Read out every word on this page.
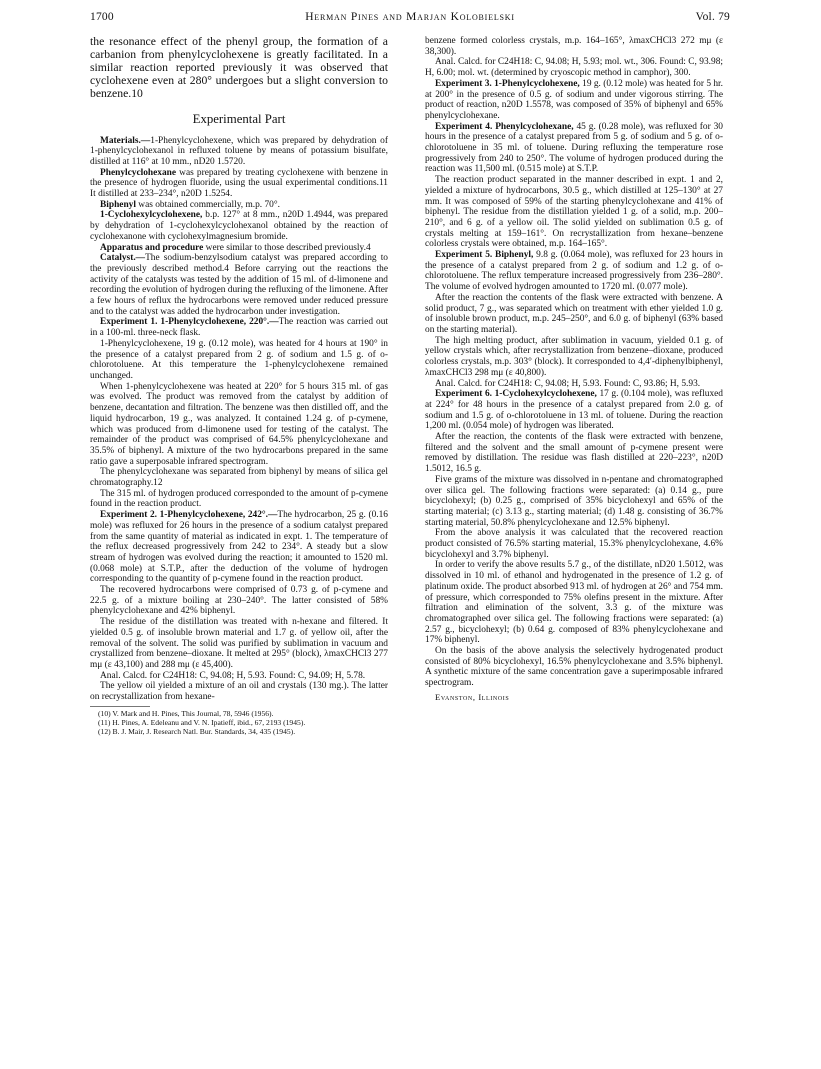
1700	Herman Pines and Marjan Kolobielski	Vol. 79

the resonance effect of the phenyl group, the formation of a carbanion from phenylcyclohexene is greatly facilitated. In a similar reaction reported previously it was observed that cyclohexene even at 280° undergoes but a slight conversion to benzene.10

Experimental Part

Materials.—1-Phenylcyclohexene, which was prepared by dehydration of 1-phenylcyclohexanol in refluxed toluene by means of potassium bisulfate, distilled at 116° at 10 mm., nD20 1.5720.

Phenylcyclohexane was prepared by treating cyclohexene with benzene in the presence of hydrogen fluoride, using the usual experimental conditions.11 It distilled at 233–234°, n20D 1.5254.

Biphenyl was obtained commercially, m.p. 70°.

1-Cyclohexylcyclohexene, b.p. 127° at 8 mm., n20D 1.4944, was prepared by dehydration of 1-cyclohexylcyclohexanol obtained by the reaction of cyclohexanone with cyclohexylmagnesium bromide.

Apparatus and procedure were similar to those described previously.4

Catalyst.—The sodium-benzylsodium catalyst was prepared according to the previously described method.4 Before carrying out the reactions the activity of the catalysts was tested by the addition of 15 ml. of d-limonene and recording the evolution of hydrogen during the refluxing of the limonene. After a few hours of reflux the hydrocarbons were removed under reduced pressure and to the catalyst was added the hydrocarbon under investigation.

Experiment 1. 1-Phenylcyclohexene, 220°.—The reaction was carried out in a 100-ml. three-neck flask.

1-Phenylcyclohexene, 19 g. (0.12 mole), was heated for 4 hours at 190° in the presence of a catalyst prepared from 2 g. of sodium and 1.5 g. of o-chlorotoluene. At this temperature the 1-phenylcyclohexene remained unchanged.

When 1-phenylcyclohexene was heated at 220° for 5 hours 315 ml. of gas was evolved. The product was removed from the catalyst by addition of benzene, decantation and filtration. The benzene was then distilled off, and the liquid hydrocarbon, 19 g., was analyzed. It contained 1.24 g. of p-cymene, which was produced from d-limonene used for testing of the catalyst. The remainder of the product was comprised of 64.5% phenylcyclohexane and 35.5% of biphenyl. A mixture of the two hydrocarbons prepared in the same ratio gave a superposable infrared spectrogram.

The phenylcyclohexane was separated from biphenyl by means of silica gel chromatography.12

The 315 ml. of hydrogen produced corresponded to the amount of p-cymene found in the reaction product.

Experiment 2. 1-Phenylcyclohexene, 242°.—The hydrocarbon, 25 g. (0.16 mole) was refluxed for 26 hours in the presence of a sodium catalyst prepared from the same quantity of material as indicated in expt. 1. The temperature of the reflux decreased progressively from 242 to 234°. A steady but a slow stream of hydrogen was evolved during the reaction; it amounted to 1520 ml. (0.068 mole) at S.T.P., after the deduction of the volume of hydrogen corresponding to the quantity of p-cymene found in the reaction product.

The recovered hydrocarbons were comprised of 0.73 g. of p-cymene and 22.5 g. of a mixture boiling at 230–240°. The latter consisted of 58% phenylcyclohexane and 42% biphenyl.

The residue of the distillation was treated with n-hexane and filtered. It yielded 0.5 g. of insoluble brown material and 1.7 g. of yellow oil, after the removal of the solvent. The solid was purified by sublimation in vacuum and crystallized from benzene–dioxane. It melted at 295° (block), λmaxCHCl3 277 mμ (ε 43,100) and 288 mμ (ε 45,400).

Anal. Calcd. for C24H18: C, 94.08; H, 5.93. Found: C, 94.09; H, 5.78.

The yellow oil yielded a mixture of an oil and crystals (130 mg.). The latter on recrystallization from hexane-

(10) V. Mark and H. Pines, This Journal, 78, 5946 (1956).

(11) H. Pines, A. Edeleanu and V. N. Ipatieff, ibid., 67, 2193 (1945).

(12) B. J. Mair, J. Research Natl. Bur. Standards, 34, 435 (1945).

benzene formed colorless crystals, m.p. 164–165°, λmaxCHCl3 272 mμ (ε 38,300).

Anal. Calcd. for C24H18: C, 94.08; H, 5.93; mol. wt., 306. Found: C, 93.98; H, 6.00; mol. wt. (determined by cryoscopic method in camphor), 300.

Experiment 3. 1-Phenylcyclohexene, 19 g. (0.12 mole) was heated for 5 hr. at 200° in the presence of 0.5 g. of sodium and under vigorous stirring. The product of reaction, n20D 1.5578, was composed of 35% of biphenyl and 65% phenylcyclohexane.

Experiment 4. Phenylcyclohexane, 45 g. (0.28 mole), was refluxed for 30 hours in the presence of a catalyst prepared from 5 g. of sodium and 5 g. of o-chlorotoluene in 35 ml. of toluene. During refluxing the temperature rose progressively from 240 to 250°. The volume of hydrogen produced during the reaction was 11,500 ml. (0.515 mole) at S.T.P.

The reaction product separated in the manner described in expt. 1 and 2, yielded a mixture of hydrocarbons, 30.5 g., which distilled at 125–130° at 27 mm. It was composed of 59% of the starting phenylcyclohexane and 41% of biphenyl. The residue from the distillation yielded 1 g. of a solid, m.p. 200–210°, and 6 g. of a yellow oil. The solid yielded on sublimation 0.5 g. of crystals melting at 159–161°. On recrystallization from hexane–benzene colorless crystals were obtained, m.p. 164–165°.

Experiment 5. Biphenyl, 9.8 g. (0.064 mole), was refluxed for 23 hours in the presence of a catalyst prepared from 2 g. of sodium and 1.2 g. of o-chlorotoluene. The reflux temperature increased progressively from 236–280°. The volume of evolved hydrogen amounted to 1720 ml. (0.077 mole).

After the reaction the contents of the flask were extracted with benzene. A solid product, 7 g., was separated which on treatment with ether yielded 1.0 g. of insoluble brown product, m.p. 245–250°, and 6.0 g. of biphenyl (63% based on the starting material).

The high melting product, after sublimation in vacuum, yielded 0.1 g. of yellow crystals which, after recrystallization from benzene–dioxane, produced colorless crystals, m.p. 303° (block). It corresponded to 4,4′-diphenylbiphenyl, λmaxCHCl3 298 mμ (ε 40,800).

Anal. Calcd. for C24H18: C, 94.08; H, 5.93. Found: C, 93.86; H, 5.93.

Experiment 6. 1-Cyclohexylcyclohexene, 17 g. (0.104 mole), was refluxed at 224° for 48 hours in the presence of a catalyst prepared from 2.0 g. of sodium and 1.5 g. of o-chlorotoluene in 13 ml. of toluene. During the reaction 1,200 ml. (0.054 mole) of hydrogen was liberated.

After the reaction, the contents of the flask were extracted with benzene, filtered and the solvent and the small amount of p-cymene present were removed by distillation. The residue was flash distilled at 220–223°, n20D 1.5012, 16.5 g.

Five grams of the mixture was dissolved in n-pentane and chromatographed over silica gel. The following fractions were separated: (a) 0.14 g., pure bicyclohexyl; (b) 0.25 g., comprised of 35% bicyclohexyl and 65% of the starting material; (c) 3.13 g., starting material; (d) 1.48 g. consisting of 36.7% starting material, 50.8% phenylcyclohexane and 12.5% biphenyl.

From the above analysis it was calculated that the recovered reaction product consisted of 76.5% starting material, 15.3% phenylcyclohexane, 4.6% bicyclohexyl and 3.7% biphenyl.

In order to verify the above results 5.7 g., of the distillate, nD20 1.5012, was dissolved in 10 ml. of ethanol and hydrogenated in the presence of 1.2 g. of platinum oxide. The product absorbed 913 ml. of hydrogen at 26° and 754 mm. of pressure, which corresponded to 75% olefins present in the mixture. After filtration and elimination of the solvent, 3.3 g. of the mixture was chromatographed over silica gel. The following fractions were separated: (a) 2.57 g., bicyclohexyl; (b) 0.64 g. composed of 83% phenylcyclohexane and 17% biphenyl.

On the basis of the above analysis the selectively hydrogenated product consisted of 80% bicyclohexyl, 16.5% phenylcyclohexane and 3.5% biphenyl. A synthetic mixture of the same concentration gave a superimposable infrared spectrogram.

Evanston, Illinois
